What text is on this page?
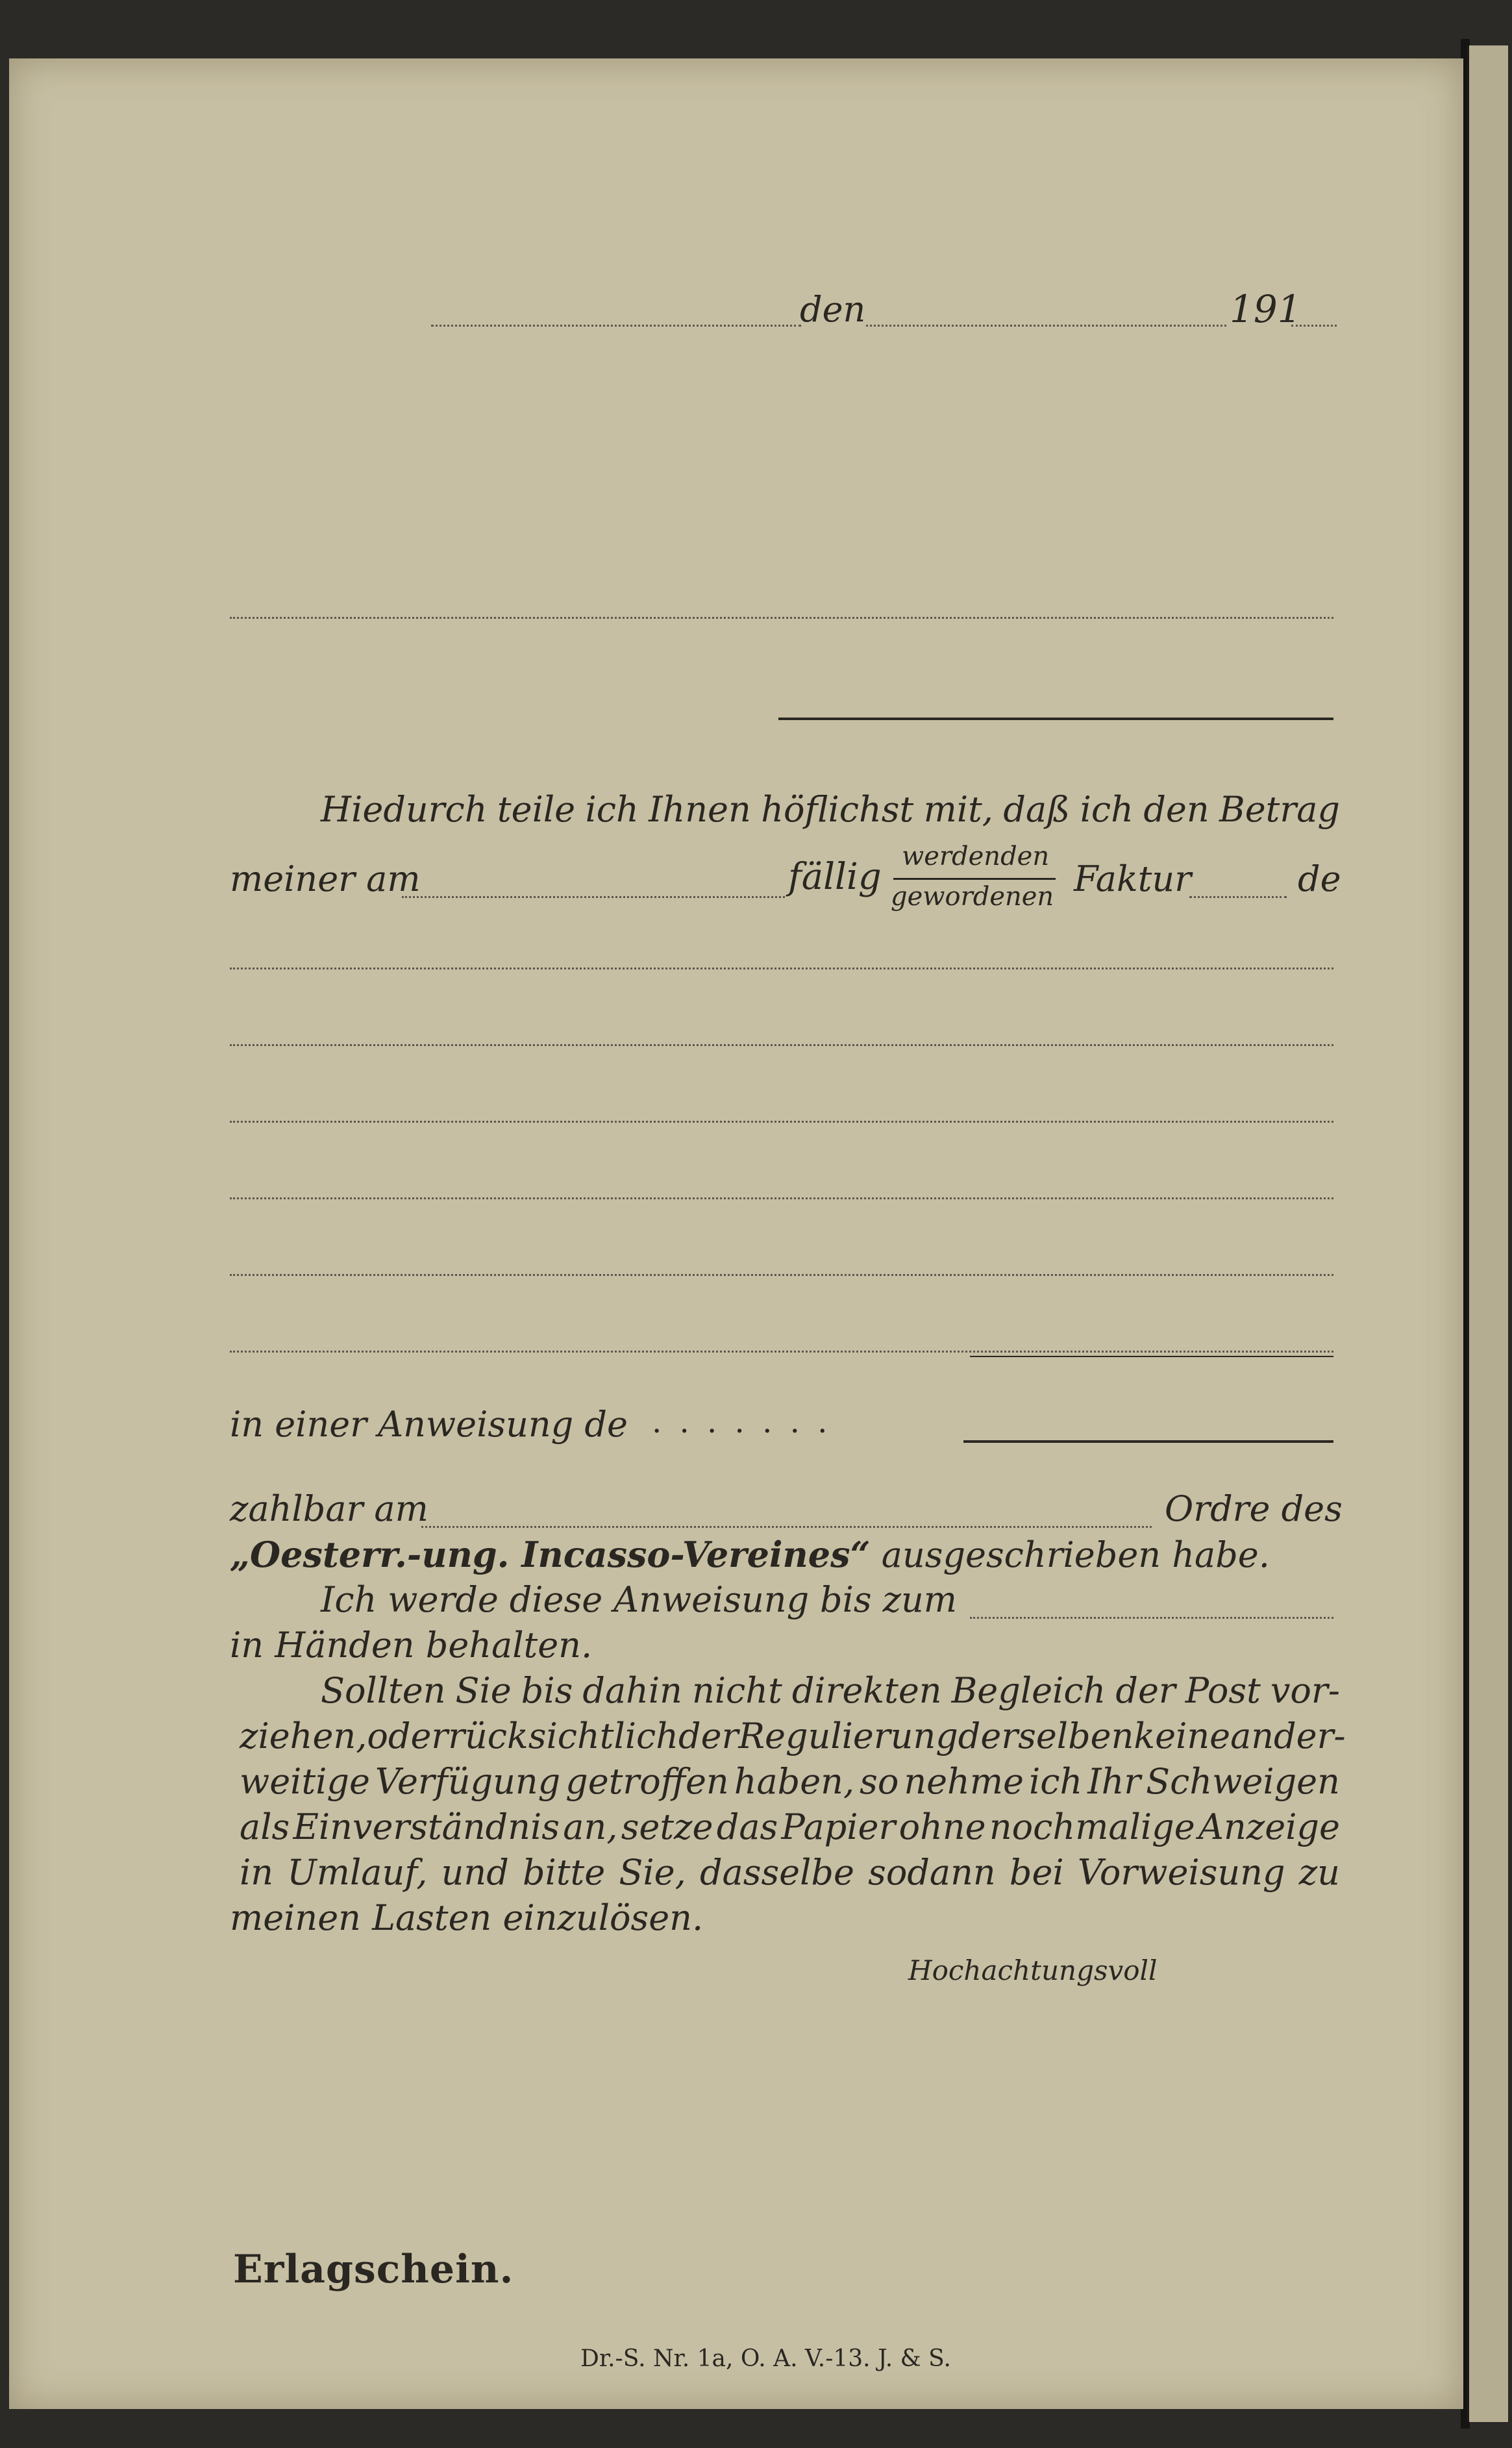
den	191
Hiedurch teile ich Ihnen höflichst mit, daß ich den Betrag
meiner am	fällig werdenden
gewordenen Faktur	de
in einer Anweisung de . . . . . . .
zahlbar am	Ordre des
„Oesterr.-ung. Incasso-Vereines“ ausgeschrieben habe.
Ich werde diese Anweisung bis zum
in Händen behalten.
Sollten Sie bis dahin nicht direkten Begleich der Post vor-
ziehen, oder rücksichtlich der Regulierung derselben keine ander-
weitige Verfügung getroffen haben, so nehme ich Ihr Schweigen
als Einverständnis an, setze das Papier ohne nochmalige Anzeige
in Umlauf, und bitte Sie, dasselbe sodann bei Vorweisung zu
meinen Lasten einzulösen.
Hochachtungsvoll
Erlagschein.
Dr.-S. Nr. 1a, O. A. V.-13. J. & S.
